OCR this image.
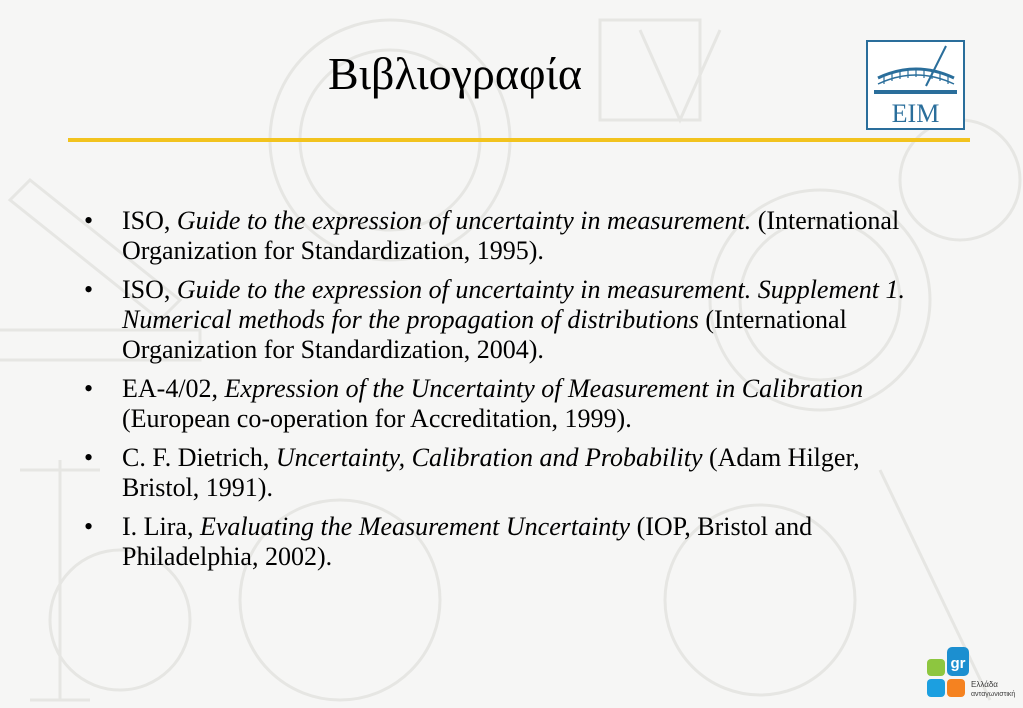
Βιβλιογραφία
EIM
• ISO, Guide to the expression of uncertainty in measurement. (International Organization for Standardization, 1995).
• ISO, Guide to the expression of uncertainty in measurement. Supplement 1. Numerical methods for the propagation of distributions (International Organization for Standardization, 2004).
• EA-4/02, Expression of the Uncertainty of Measurement in Calibration (European co-operation for Accreditation, 1999).
• C. F. Dietrich, Uncertainty, Calibration and Probability (Adam Hilger, Bristol, 1991).
• I. Lira, Evaluating the Measurement Uncertainty (IOP, Bristol and Philadelphia, 2002).
gr
Ελλάδα
ανταγωνιστική
